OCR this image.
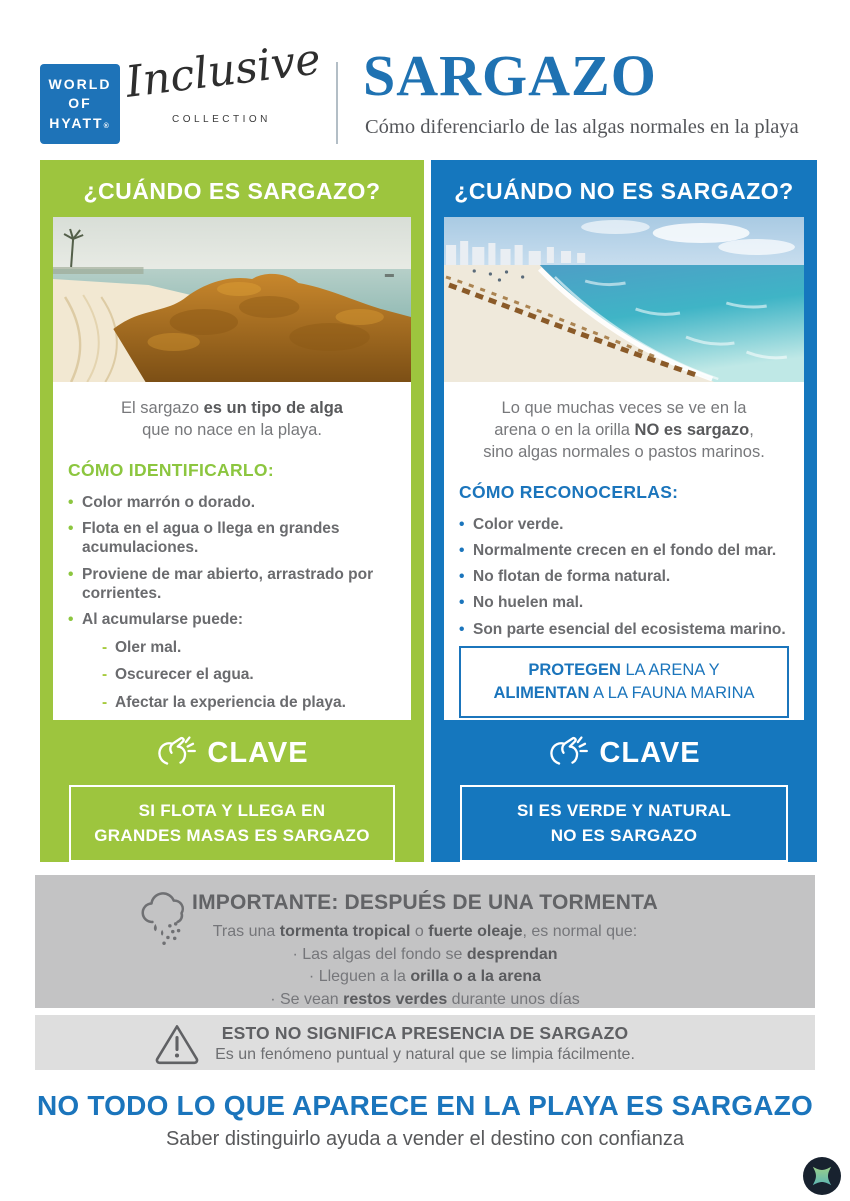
WORLD
OF
HYATT®
Inclusive
COLLECTION
SARGAZO

Cómo diferenciarlo de las algas normales en la playa

¿CUÁNDO ES SARGAZO?
El sargazo es un tipo de alga
que no nace en la playa.
CÓMO IDENTIFICARLO:
• Color marrón o dorado.
• Flota en el agua o llega en grandes acumulaciones.
• Proviene de mar abierto, arrastrado por corrientes.
• Al acumularse puede:
- Oler mal.
- Oscurecer el agua.
- Afectar la experiencia de playa.
CLAVE
SI FLOTA Y LLEGA EN
GRANDES MASAS ES SARGAZO
¿CUÁNDO NO ES SARGAZO?
Lo que muchas veces se ve en la
arena o en la orilla NO es sargazo,
sino algas normales o pastos marinos.
CÓMO RECONOCERLAS:
• Color verde.
• Normalmente crecen en el fondo del mar.
• No flotan de forma natural.
• No huelen mal.
• Son parte esencial del ecosistema marino.
PROTEGEN LA ARENA Y
ALIMENTAN A LA FAUNA MARINA
CLAVE
SI ES VERDE Y NATURAL
NO ES SARGAZO
IMPORTANTE: DESPUÉS DE UNA TORMENTA
Tras una tormenta tropical o fuerte oleaje, es normal que:
· Las algas del fondo se desprendan
· Lleguen a la orilla o a la arena
· Se vean restos verdes durante unos días
ESTO NO SIGNIFICA PRESENCIA DE SARGAZO

Es un fenómeno puntual y natural que se limpia fácilmente.

NO TODO LO QUE APARECE EN LA PLAYA ES SARGAZO

Saber distinguirlo ayuda a vender el destino con confianza
